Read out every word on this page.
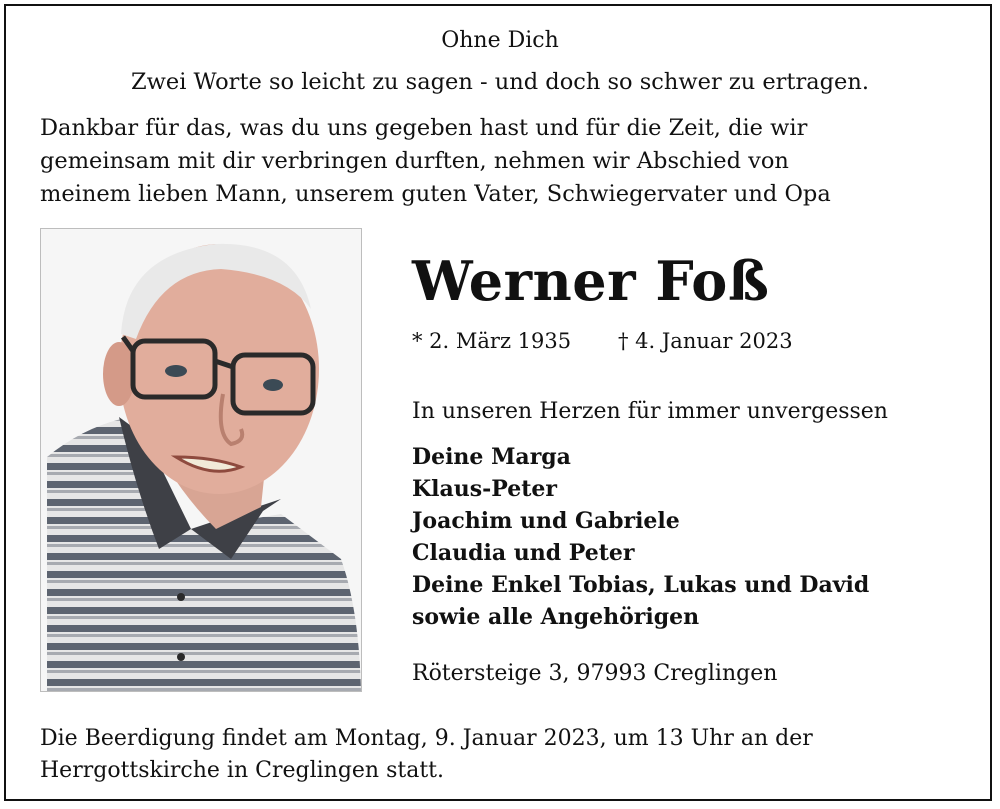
Ohne Dich
Zwei Worte so leicht zu sagen - und doch so schwer zu ertragen.
Dankbar für das, was du uns gegeben hast und für die Zeit, die wir
gemeinsam mit dir verbringen durften, nehmen wir Abschied von
meinem lieben Mann, unserem guten Vater, Schwiegervater und Opa
Werner Foß
* 2. März 1935 † 4. Januar 2023
In unseren Herzen für immer unvergessen
Deine Marga
Klaus-Peter
Joachim und Gabriele
Claudia und Peter
Deine Enkel Tobias, Lukas und David
sowie alle Angehörigen
Rötersteige 3, 97993 Creglingen
Die Beerdigung findet am Montag, 9. Januar 2023, um 13 Uhr an der
Herrgottskirche in Creglingen statt.
